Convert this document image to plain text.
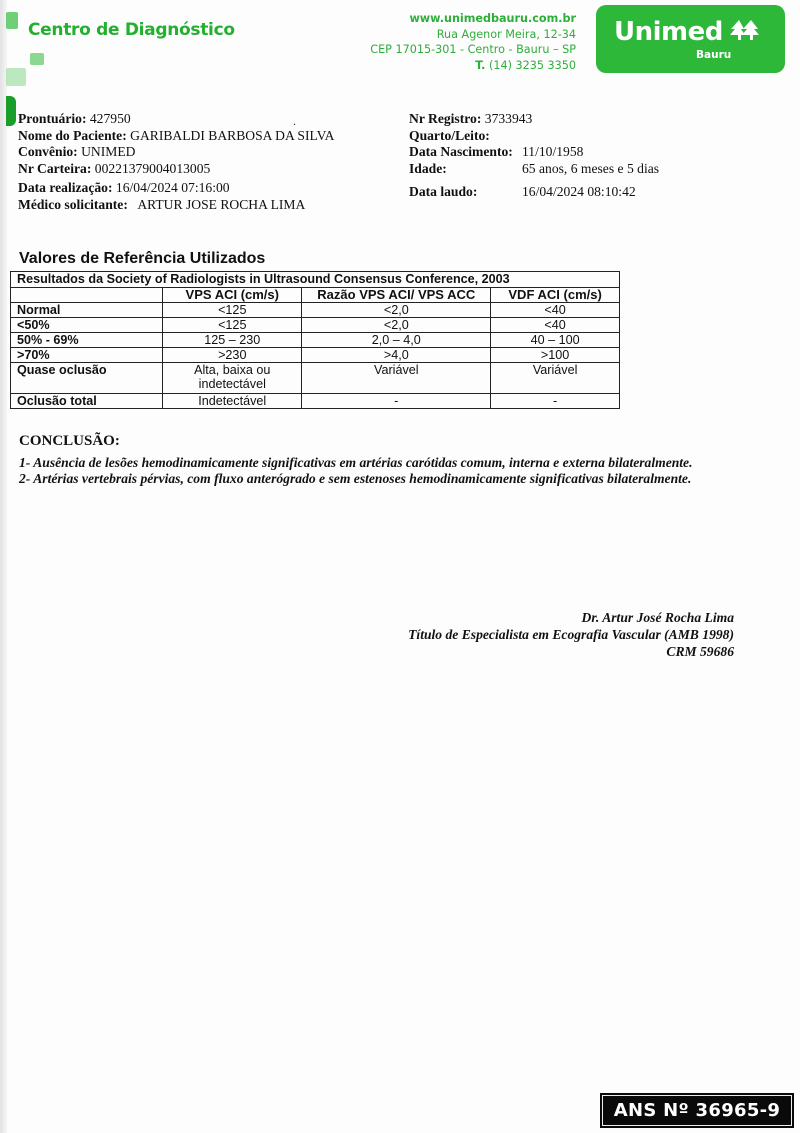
Centro de Diagnóstico
www.unimedbauru.com.br
Rua Agenor Meira, 12-34
CEP 17015-301 - Centro - Bauru – SP
T. (14) 3235 3350
Unimed
Bauru
Prontuário: 427950
Nome do Paciente: GARIBALDI BARBOSA DA SILVA
Convênio: UNIMED
Nr Carteira: 00221379004013005
.
Data realização: 16/04/2024 07:16:00
Médico solicitante: ARTUR JOSE ROCHA LIMA
Nr Registro: 3733943
Quarto/Leito:
Data Nascimento: 11/10/1958
Idade:	65 anos, 6 meses e 5 dias
Data laudo:	16/04/2024 08:10:42
Valores de Referência Utilizados
Resultados da Society of Radiologists in Ultrasound Consensus Conference, 2003			
	VPS ACI (cm/s)	Razão VPS ACI/ VPS ACC	VDF ACI (cm/s)
Normal	<125	<2,0	<40
<50%	<125	<2,0	<40
50% - 69%	125 – 230	2,0 – 4,0	40 – 100
>70%	>230	>4,0	>100
Quase oclusão	Alta, baixa ou indetectável	Variável	Variável
Oclusão total	Indetectável	-	-
CONCLUSÃO:

1- Ausência de lesões hemodinamicamente significativas em artérias carótidas comum, interna e externa bilateralmente.

2- Artérias vertebrais pérvias, com fluxo anterógrado e sem estenoses hemodinamicamente significativas bilateralmente.

Dr. Artur José Rocha Lima
Título de Especialista em Ecografia Vascular (AMB 1998)
CRM 59686
ANS Nº 36965-9
